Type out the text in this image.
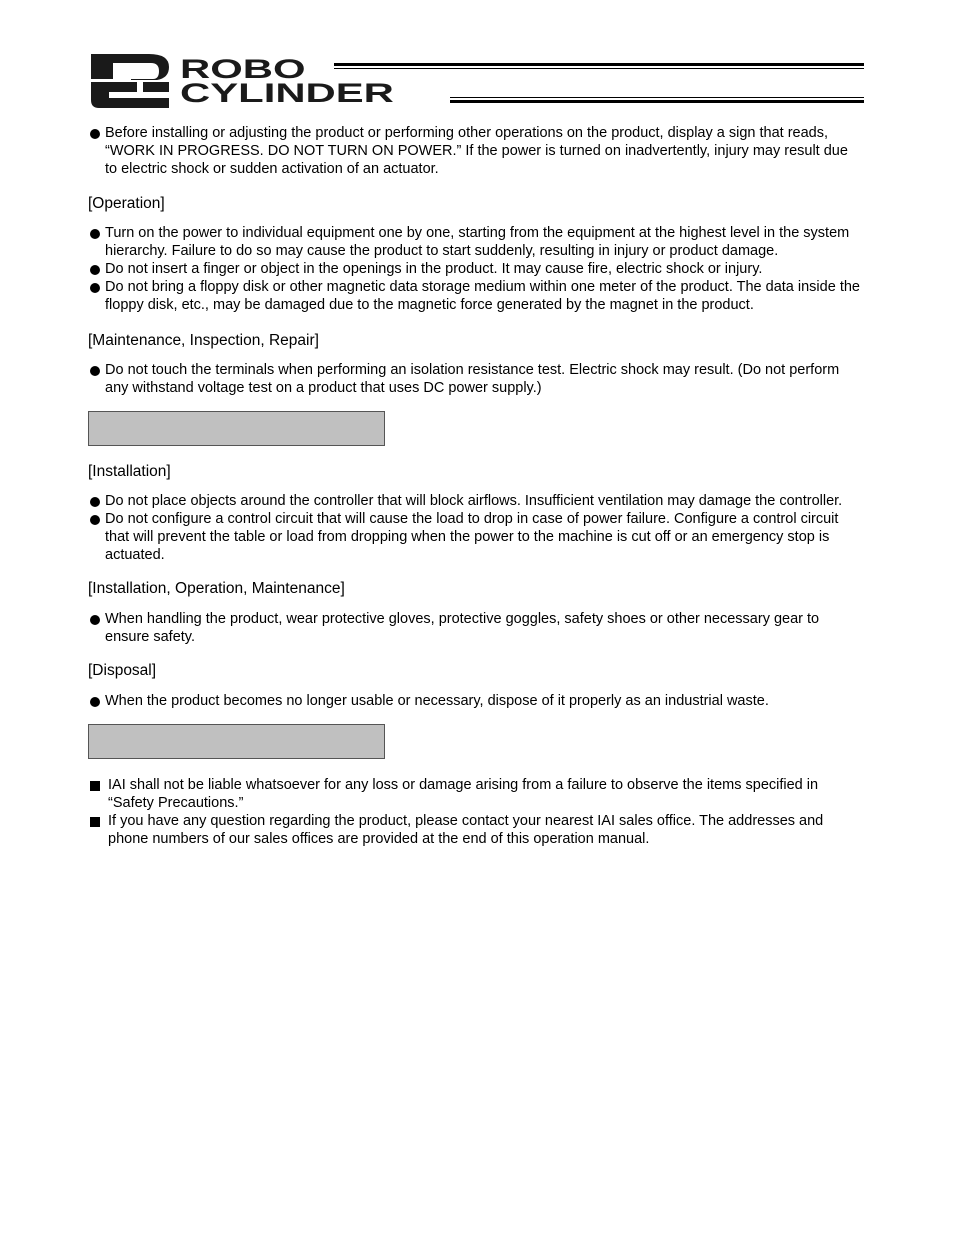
ROBO
CYLINDER
Before installing or adjusting the product or performing other operations on the product, display a sign that reads, “WORK IN PROGRESS. DO NOT TURN ON POWER.” If the power is turned on inadvertently, injury may result due to electric shock or sudden activation of an actuator.

[Operation]

Turn on the power to individual equipment one by one, starting from the equipment at the highest level in the system hierarchy. Failure to do so may cause the product to start suddenly, resulting in injury or product damage.
Do not insert a finger or object in the openings in the product. It may cause fire, electric shock or injury.
Do not bring a floppy disk or other magnetic data storage medium within one meter of the product. The data inside the floppy disk, etc., may be damaged due to the magnetic force generated by the magnet in the product.

[Maintenance, Inspection, Repair]

Do not touch the terminals when performing an isolation resistance test. Electric shock may result. (Do not perform any withstand voltage test on a product that uses DC power supply.)

[Installation]

Do not place objects around the controller that will block airflows. Insufficient ventilation may damage the controller.
Do not configure a control circuit that will cause the load to drop in case of power failure. Configure a control circuit that will prevent the table or load from dropping when the power to the machine is cut off or an emergency stop is actuated.

[Installation, Operation, Maintenance]

When handling the product, wear protective gloves, protective goggles, safety shoes or other necessary gear to ensure safety.

[Disposal]

When the product becomes no longer usable or necessary, dispose of it properly as an industrial waste.
IAI shall not be liable whatsoever for any loss or damage arising from a failure to observe the items specified in “Safety Precautions.”
If you have any question regarding the product, please contact your nearest IAI sales office. The addresses and phone numbers of our sales offices are provided at the end of this operation manual.
